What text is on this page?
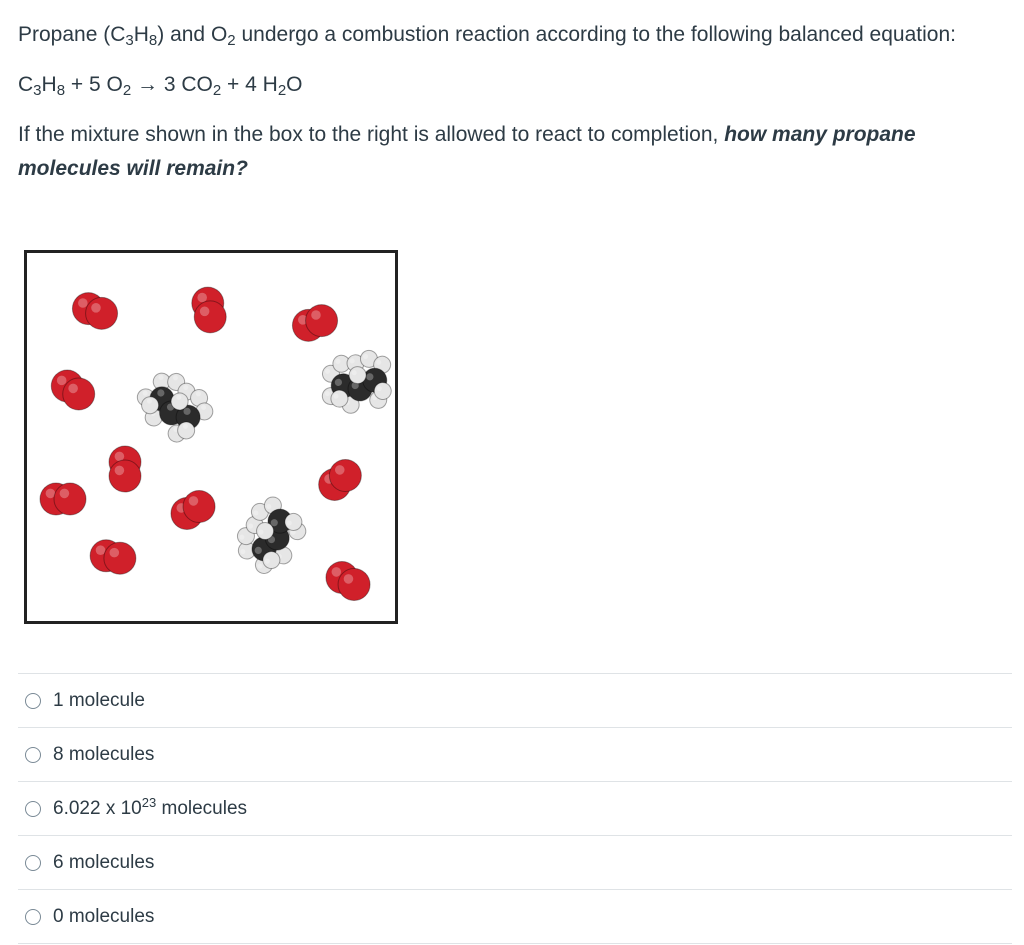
Propane $(C_3H_8)$ and $O_2$ undergo a combustion reaction according to the following balanced equation:

$C_3H_8 + 5$ $O_2 \to 3$ $CO_2 + 4$ $H_2O$

If the mixture shown in the box to the right is allowed to react to completion, how many propane molecules will remain?

1 molecule
8 molecules
6.022 x $10^{23}$ molecules
6 molecules
0 molecules
